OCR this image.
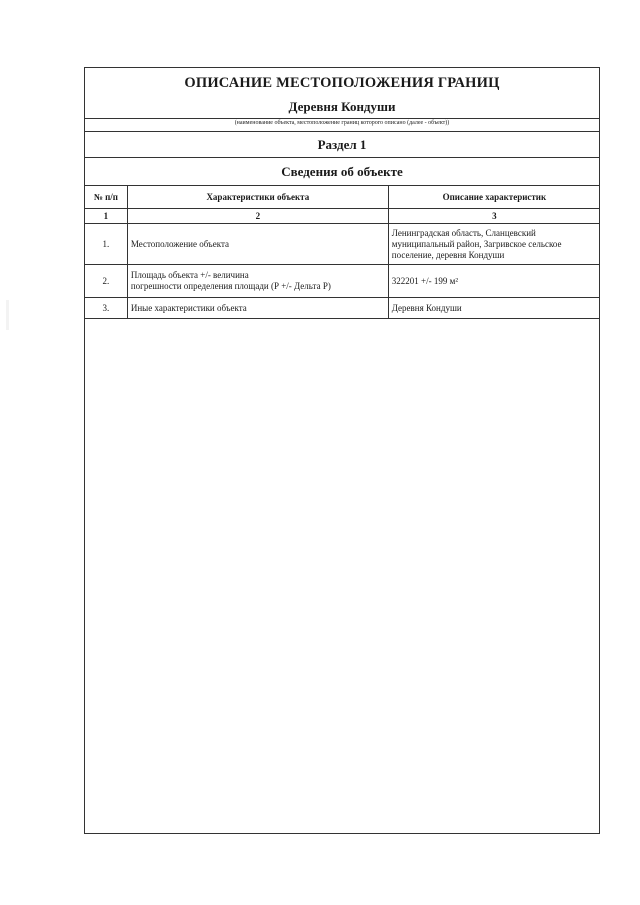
ОПИСАНИЕ МЕСТОПОЛОЖЕНИЯ ГРАНИЦ
Деревня Кондуши
(наименование объекта, местоположение границ которого описано (далее - объект))
Раздел 1
Сведения об объекте
№ п/п	Характеристики объекта	Описание характеристик
1	2	3
1.	Местоположение объекта	Ленинградская область, Сланцевский
муниципальный район, Загривское сельское
поселение, деревня Кондуши

2.	Площадь объекта +/- величина
погрешности определения площади (Р +/- Дельта Р)	322201 +/- 199 м²
3.	Иные характеристики объекта	Деревня Кондуши
